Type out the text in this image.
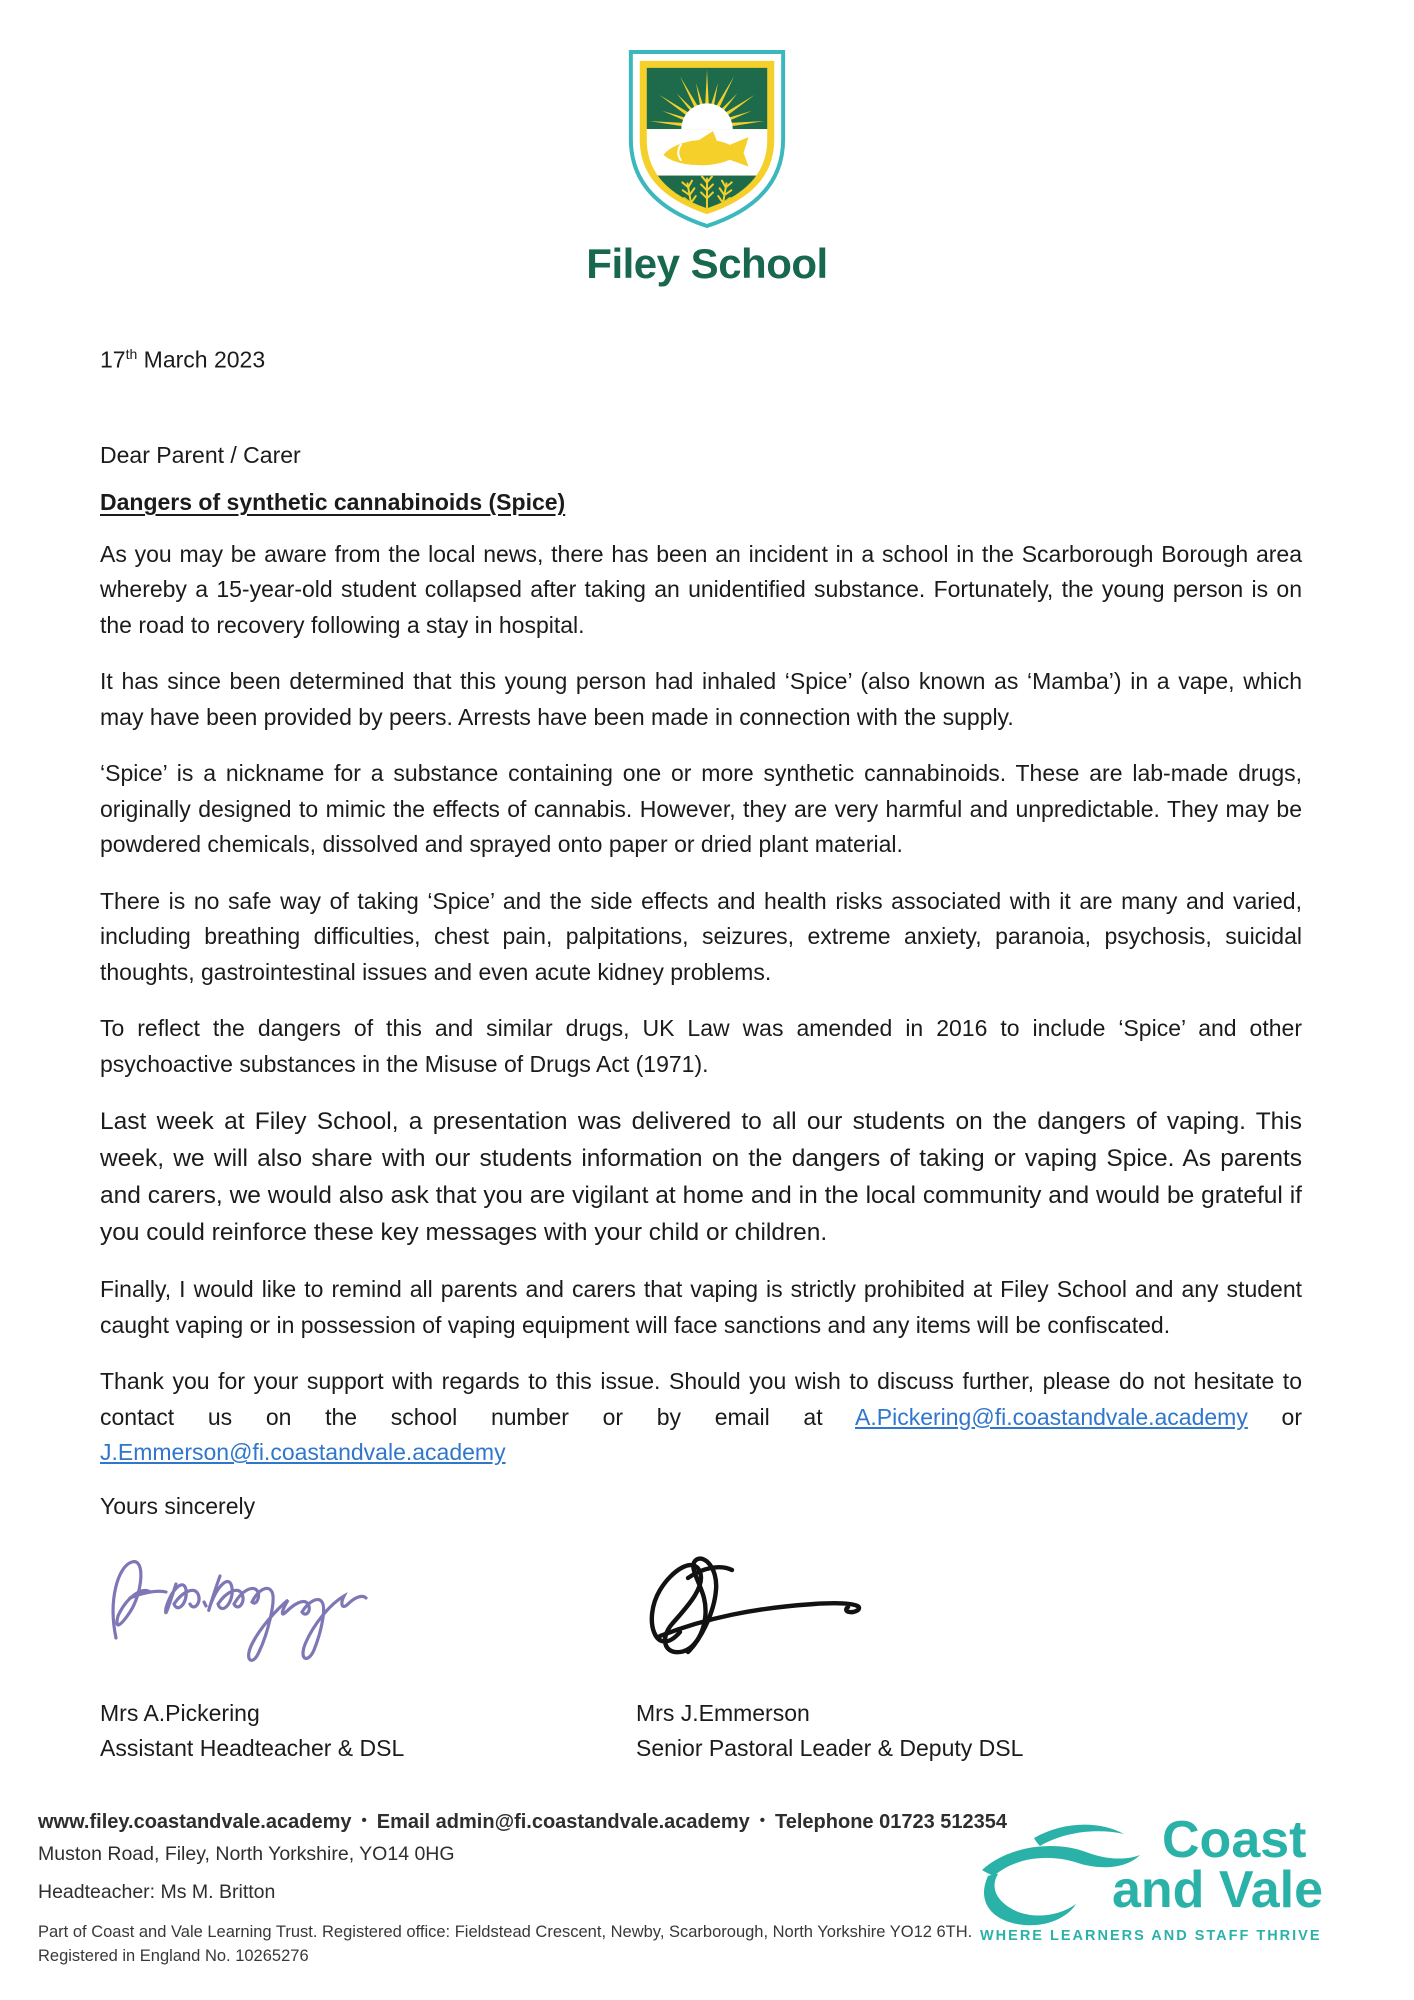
Filey School
17th March 2023
Dear Parent / Carer
Dangers of synthetic cannabinoids (Spice)

As you may be aware from the local news, there has been an incident in a school in the Scarborough Borough area whereby a 15-year-old student collapsed after taking an unidentified substance. Fortunately, the young person is on the road to recovery following a stay in hospital.

It has since been determined that this young person had inhaled ‘Spice’ (also known as ‘Mamba’) in a vape, which may have been provided by peers. Arrests have been made in connection with the supply.

‘Spice’ is a nickname for a substance containing one or more synthetic cannabinoids. These are lab-made drugs, originally designed to mimic the effects of cannabis. However, they are very harmful and unpredictable. They may be powdered chemicals, dissolved and sprayed onto paper or dried plant material.

There is no safe way of taking ‘Spice’ and the side effects and health risks associated with it are many and varied, including breathing difficulties, chest pain, palpitations, seizures, extreme anxiety, paranoia, psychosis, suicidal thoughts, gastrointestinal issues and even acute kidney problems.

To reflect the dangers of this and similar drugs, UK Law was amended in 2016 to include ‘Spice’ and other psychoactive substances in the Misuse of Drugs Act (1971).

Last week at Filey School, a presentation was delivered to all our students on the dangers of vaping. This week, we will also share with our students information on the dangers of taking or vaping Spice. As parents and carers, we would also ask that you are vigilant at home and in the local community and would be grateful if you could reinforce these key messages with your child or children.

Finally, I would like to remind all parents and carers that vaping is strictly prohibited at Filey School and any student caught vaping or in possession of vaping equipment will face sanctions and any items will be confiscated.

Thank you for your support with regards to this issue. Should you wish to discuss further, please do not hesitate to contact us on the school number or by email at A.Pickering@fi.coastandvale.academy or J.Emmerson@fi.coastandvale.academy

Yours sincerely
Mrs A.Pickering
Assistant Headteacher & DSL
Mrs J.Emmerson
Senior Pastoral Leader & Deputy DSL
www.filey.coastandvale.academy • Email admin@fi.coastandvale.academy • Telephone 01723 512354
Muston Road, Filey, North Yorkshire, YO14 0HG
Headteacher: Ms M. Britton
Part of Coast and Vale Learning Trust. Registered office: Fieldstead Crescent, Newby, Scarborough, North Yorkshire YO12 6TH.
Registered in England No. 10265276
Coast
and Vale
WHERE LEARNERS AND STAFF THRIVE
